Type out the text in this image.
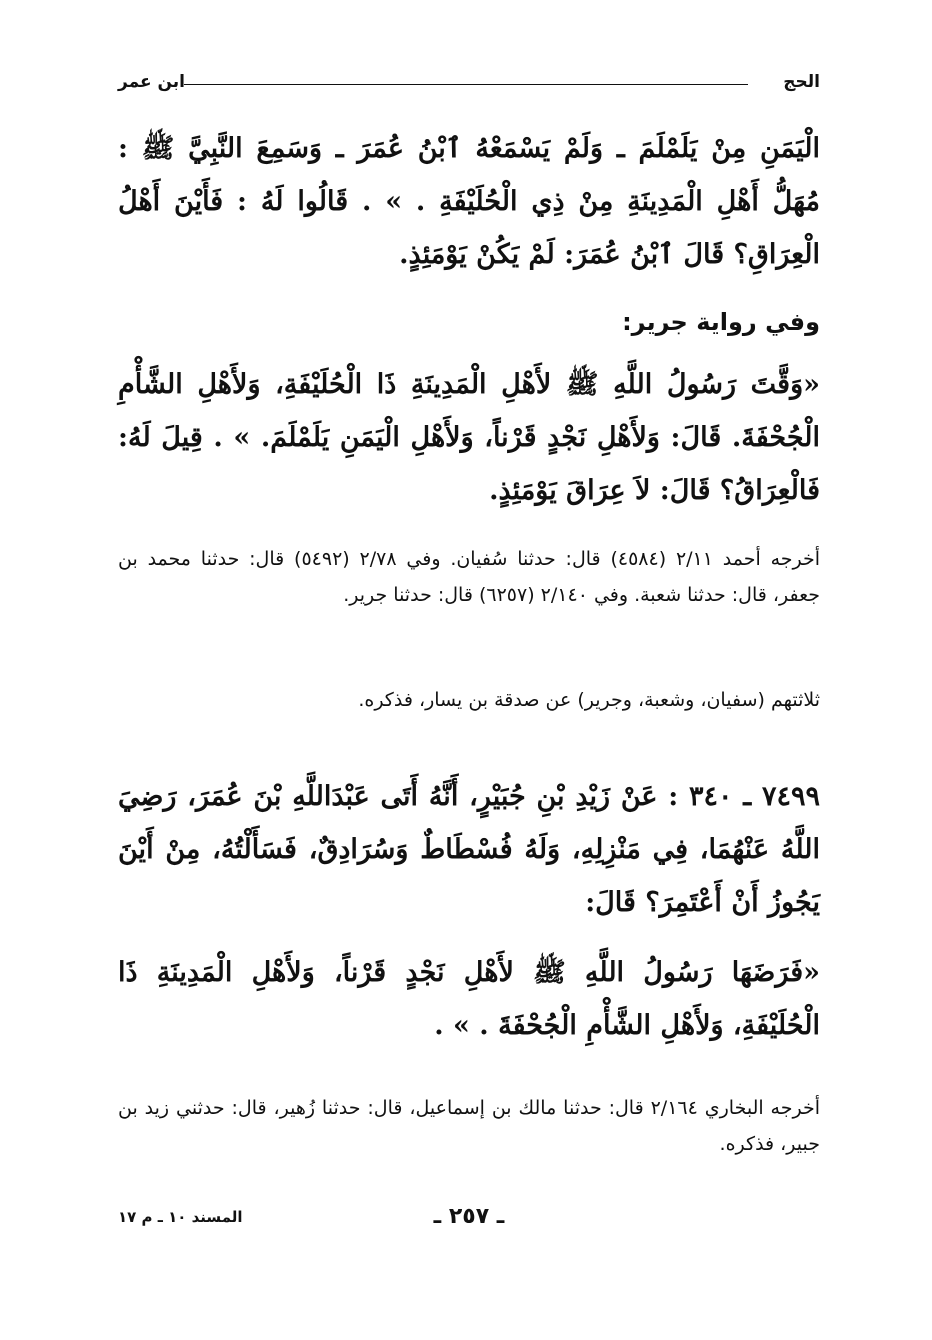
الحج
ابن عمر
الْيَمَنِ مِنْ يَلَمْلَمَ ـ وَلَمْ يَسْمَعْهُ ٱبْنُ عُمَرَ ـ وَسَمِعَ النَّبِيَّ ﷺ : مُهَلُّ أَهْلِ الْمَدِينَةِ مِنْ ذِي الْحُلَيْفَةِ . » . قَالُوا لَهُ : فَأَيْنَ أَهْلُ الْعِرَاقِ؟ قَالَ ٱبْنُ عُمَرَ: لَمْ يَكُنْ يَوْمَئِذٍ.
وفي رواية جرير:
«وَقَّتَ رَسُولُ اللَّهِ ﷺ لأَهْلِ الْمَدِينَةِ ذَا الْحُلَيْفَةِ، وَلأَهْلِ الشَّأْمِ الْجُحْفَةَ. قَالَ: وَلأَهْلِ نَجْدٍ قَرْناً، وَلأَهْلِ الْيَمَنِ يَلَمْلَمَ. » . قِيلَ لَهُ: فَالْعِرَاقُ؟ قَالَ: لاَ عِرَاقَ يَوْمَئِذٍ.
أخرجه أحمد ٢/١١ (٤٥٨٤) قال: حدثنا سُفيان. وفي ٢/٧٨ (٥٤٩٢) قال: حدثنا محمد بن جعفر، قال: حدثنا شعبة. وفي ٢/١٤٠ (٦٢٥٧) قال: حدثنا جرير.
ثلاثتهم (سفيان، وشعبة، وجرير) عن صدقة بن يسار، فذكره.
٧٤٩٩ ـ ٣٤٠ : عَنْ زَيْدِ بْنِ جُبَيْرٍ، أَنَّهُ أَتَى عَبْدَاللَّهِ بْنَ عُمَرَ، رَضِيَ اللَّهُ عَنْهُمَا، فِي مَنْزِلِهِ، وَلَهُ فُسْطَاطٌ وَسُرَادِقٌ، فَسَأَلْتُهُ، مِنْ أَيْنَ يَجُوزُ أَنْ أَعْتَمِرَ؟ قَالَ:
«فَرَضَهَا رَسُولُ اللَّهِ ﷺ لأَهْلِ نَجْدٍ قَرْناً، وَلأَهْلِ الْمَدِينَةِ ذَا الْحُلَيْفَةِ، وَلأَهْلِ الشَّأْمِ الْجُحْفَةَ . » .
أخرجه البخاري ٢/١٦٤ قال: حدثنا مالك بن إسماعيل، قال: حدثنا زُهير، قال: حدثني زيد بن جبير، فذكره.
ـ ٢٥٧ ـ
المسند ١٠ ـ م ١٧
